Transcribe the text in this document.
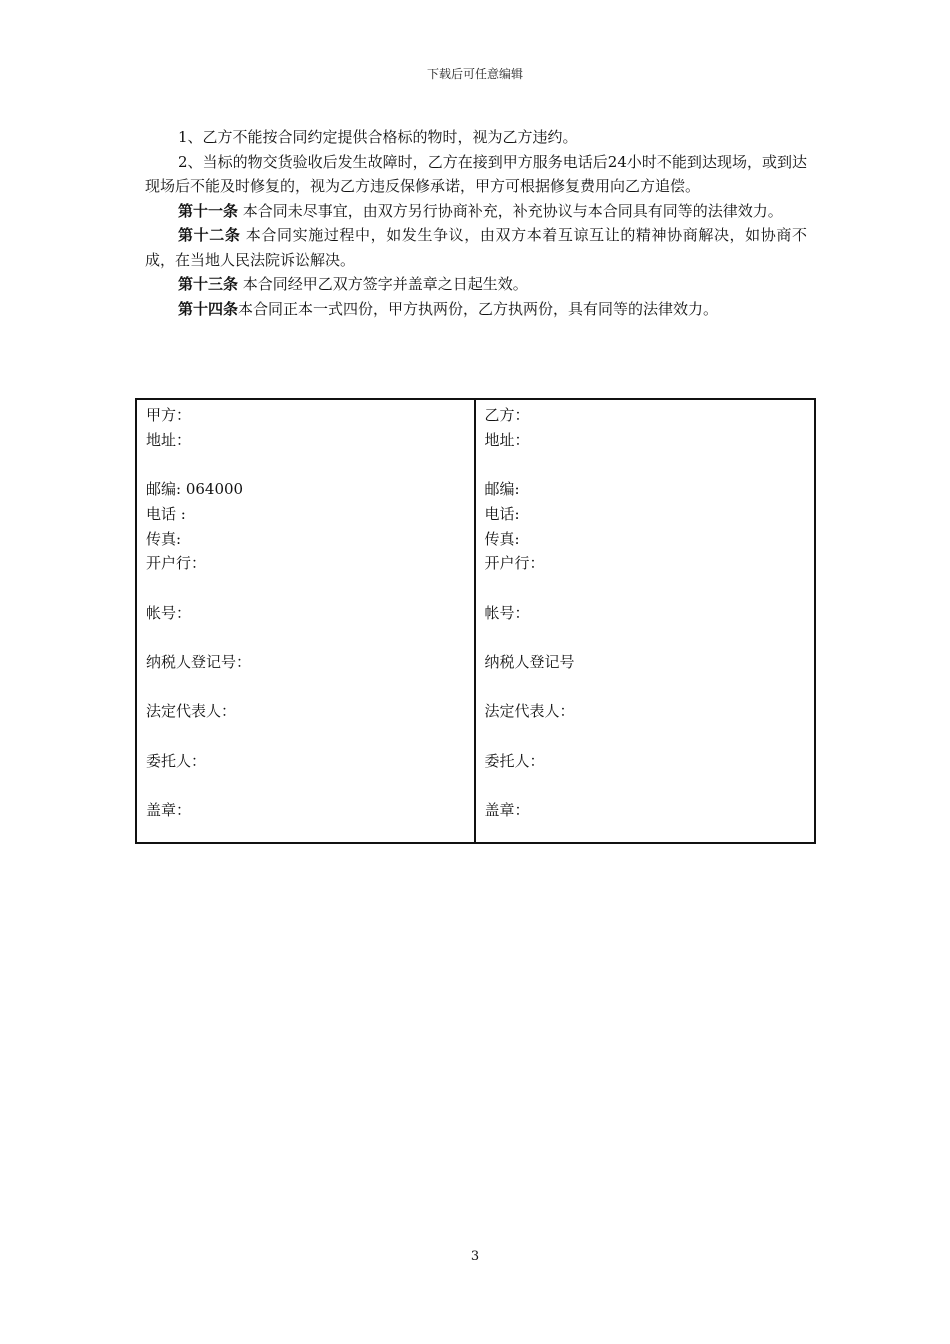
下载后可任意编辑

1、乙方不能按合同约定提供合格标的物时，视为乙方违约。

2、当标的物交货验收后发生故障时，乙方在接到甲方服务电话后24小时不能到达现场，或到达现场后不能及时修复的，视为乙方违反保修承诺，甲方可根据修复费用向乙方追偿。

第十一条 本合同未尽事宜，由双方另行协商补充，补充协议与本合同具有同等的法律效力。

第十二条 本合同实施过程中，如发生争议，由双方本着互谅互让的精神协商解决，如协商不成，在当地人民法院诉讼解决。

第十三条 本合同经甲乙双方签字并盖章之日起生效。

第十四条本合同正本一式四份，甲方执两份，乙方执两份，具有同等的法律效力。

甲方：
地址：
邮编: 064000
电话 :
传真:
开户行：
帐号：
纳税人登记号：
法定代表人：
委托人：
盖章：
乙方：
地址：
邮编:
电话:
传真:
开户行：
帐号：
纳税人登记号
法定代表人：
委托人：
盖章：
3
